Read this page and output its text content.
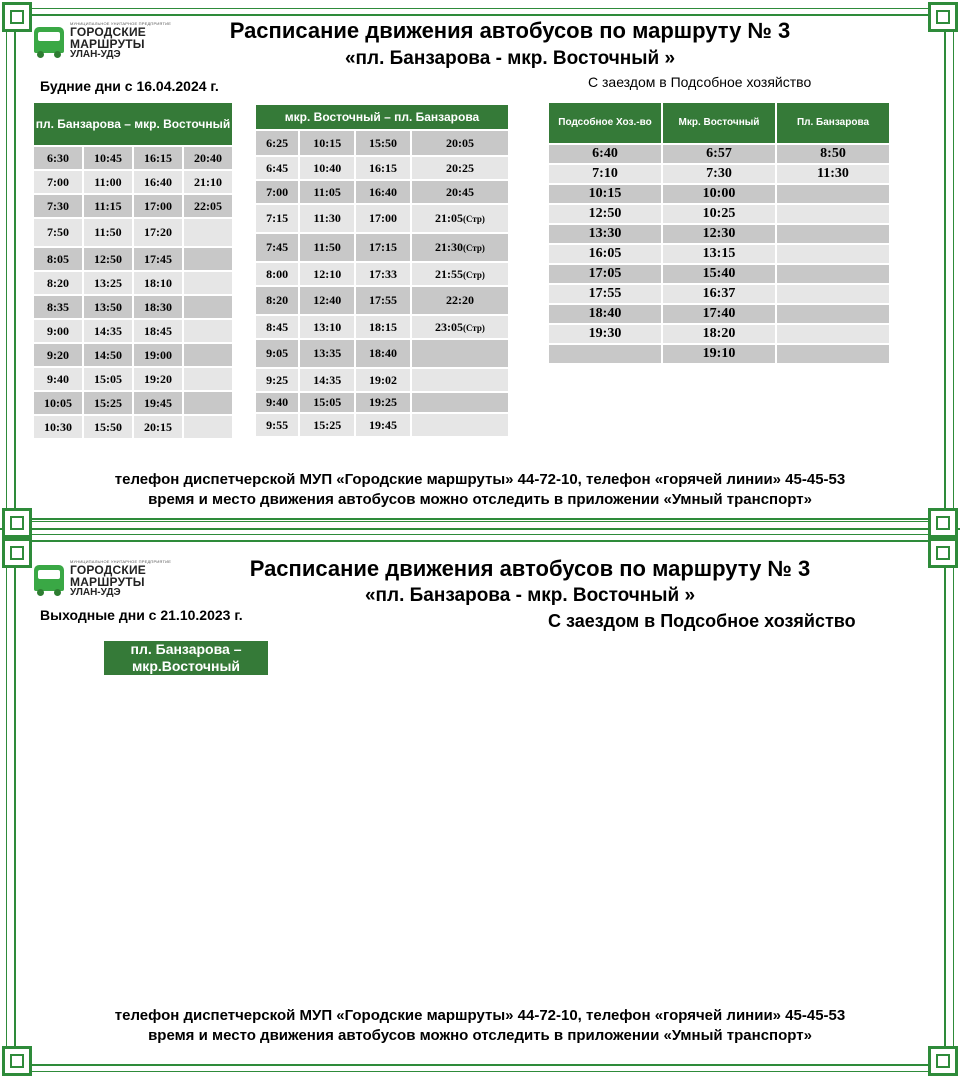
МУНИЦИПАЛЬНОЕ УНИТАРНОЕ ПРЕДПРИЯТИЕ
ГОРОДСКИЕ
МАРШРУТЫ
УЛАН-УДЭ
Расписание движения автобусов по маршруту № 3
«пл. Банзарова - мкр. Восточный »
Будние дни с 16.04.2024 г.	С заездом в Подсобное хозяйство
пл. Банзарова – мкр. Восточный			
6:30	10:45	16:15	20:40
7:00	11:00	16:40	21:10
7:30	11:15	17:00	22:05
7:50	11:50	17:20	
8:05	12:50	17:45	
8:20	13:25	18:10	
8:35	13:50	18:30	
9:00	14:35	18:45	
9:20	14:50	19:00	
9:40	15:05	19:20	
10:05	15:25	19:45	
10:30	15:50	20:15	
мкр. Восточный – пл. Банзарова			
6:25	10:15	15:50	20:05
6:45	10:40	16:15	20:25
7:00	11:05	16:40	20:45
7:15	11:30	17:00	21:05(Стр)
7:45	11:50	17:15	21:30(Стр)
8:00	12:10	17:33	21:55(Стр)
8:20	12:40	17:55	22:20
8:45	13:10	18:15	23:05(Стр)
9:05	13:35	18:40	
9:25	14:35	19:02	
9:40	15:05	19:25	
9:55	15:25	19:45	
Подсобное Хоз.-во	Мкр. Восточный	Пл. Банзарова
6:40	6:57	8:50
7:10	7:30	11:30
10:15	10:00	
12:50	10:25	
13:30	12:30	
16:05	13:15	
17:05	15:40	
17:55	16:37	
18:40	17:40	
19:30	18:20	
	19:10	
телефон диспетчерской МУП «Городские маршруты» 44-72-10, телефон «горячей линии» 45-45-53
время и место движения автобусов можно отследить в приложении «Умный транспорт»
МУНИЦИПАЛЬНОЕ УНИТАРНОЕ ПРЕДПРИЯТИЕ
ГОРОДСКИЕ
МАРШРУТЫ
УЛАН-УДЭ
Расписание движения автобусов по маршруту № 3
«пл. Банзарова - мкр. Восточный »
Выходные дни с 21.10.2023 г.	С заездом в Подсобное хозяйство
пл. Банзарова – мкр.Восточный
телефон диспетчерской МУП «Городские маршруты» 44-72-10, телефон «горячей линии» 45-45-53
время и место движения автобусов можно отследить в приложении «Умный транспорт»
